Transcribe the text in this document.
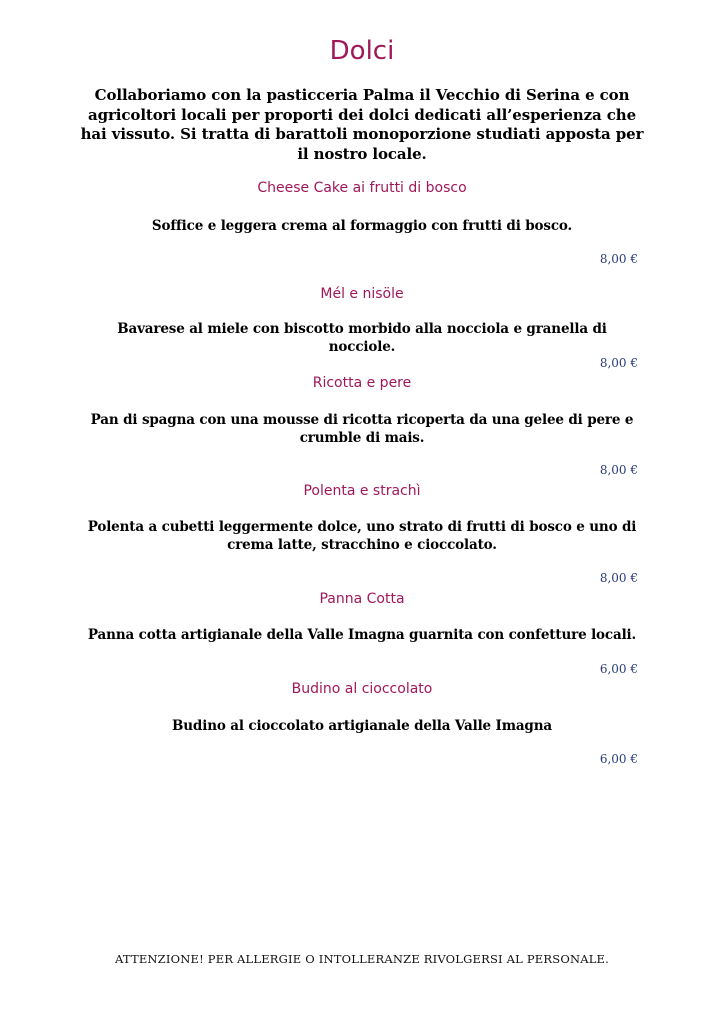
Dolci
Collaboriamo con la pasticceria Palma il Vecchio di Serina e con agricoltori locali per proporti dei dolci dedicati all’esperienza che hai vissuto. Si tratta di barattoli monoporzione studiati apposta per il nostro locale.
Cheese Cake ai frutti di bosco
Soffice e leggera crema al formaggio con frutti di bosco.
8,00 €
Mél e nisöle
Bavarese al miele con biscotto morbido alla nocciola e granella di nocciole.
8,00 €
Ricotta e pere
Pan di spagna con una mousse di ricotta ricoperta da una gelee di pere e crumble di mais.
8,00 €
Polenta e strachì
Polenta a cubetti leggermente dolce, uno strato di frutti di bosco e uno di crema latte, stracchino e cioccolato.
8,00 €
Panna Cotta
Panna cotta artigianale della Valle Imagna guarnita con confetture locali.
6,00 €
Budino al cioccolato
Budino al cioccolato artigianale della Valle Imagna
6,00 €
ATTENZIONE! PER ALLERGIE O INTOLLERANZE RIVOLGERSI AL PERSONALE.
